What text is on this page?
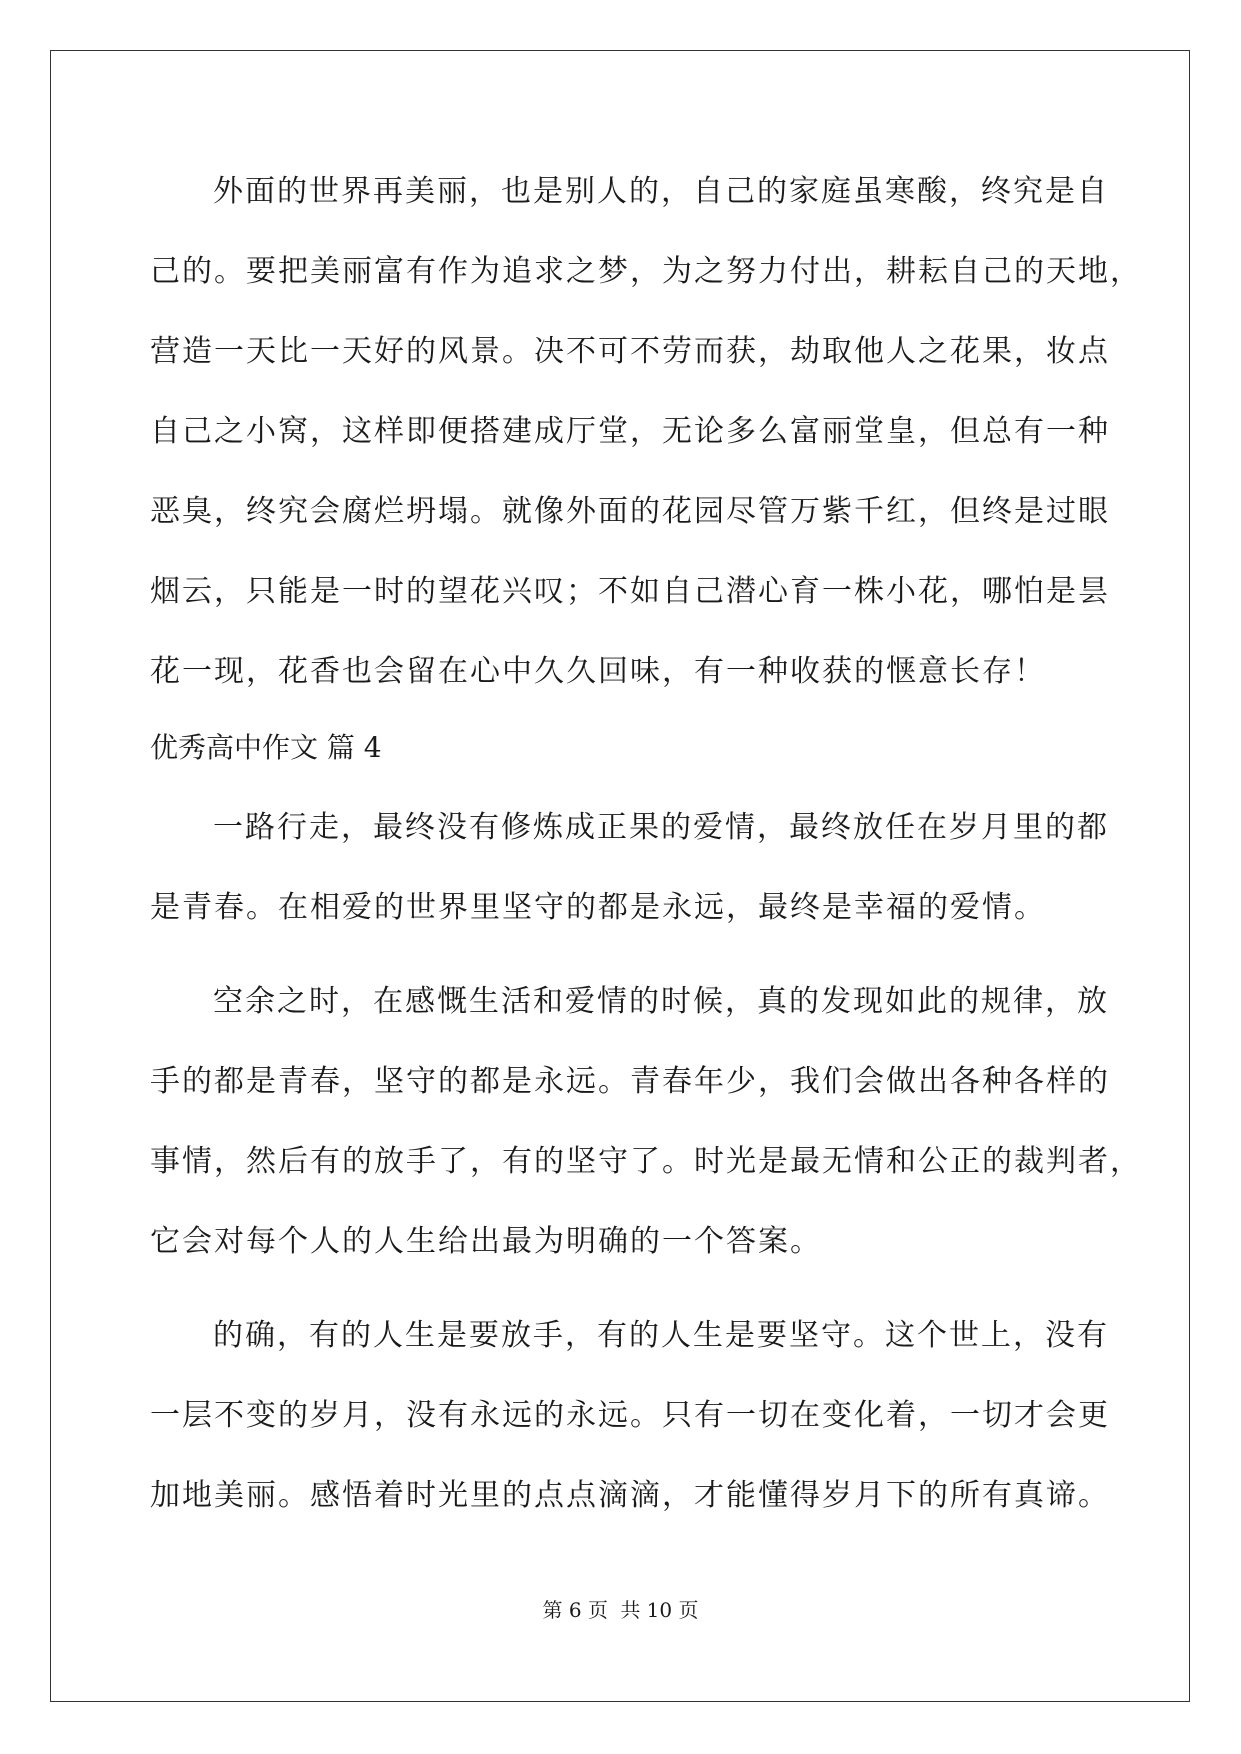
外面的世界再美丽，也是别人的，自己的家庭虽寒酸，终究是自
己的。要把美丽富有作为追求之梦，为之努力付出，耕耘自己的天地，
营造一天比一天好的风景。决不可不劳而获，劫取他人之花果，妆点
自己之小窝，这样即便搭建成厅堂，无论多么富丽堂皇，但总有一种
恶臭，终究会腐烂坍塌。就像外面的花园尽管万紫千红，但终是过眼
烟云，只能是一时的望花兴叹；不如自己潜心育一株小花，哪怕是昙
花一现，花香也会留在心中久久回味，有一种收获的惬意长存！
优秀高中作文 篇 4
一路行走，最终没有修炼成正果的爱情，最终放任在岁月里的都
是青春。在相爱的世界里坚守的都是永远，最终是幸福的爱情。
空余之时，在感慨生活和爱情的时候，真的发现如此的规律，放
手的都是青春，坚守的都是永远。青春年少，我们会做出各种各样的
事情，然后有的放手了，有的坚守了。时光是最无情和公正的裁判者，
它会对每个人的人生给出最为明确的一个答案。
的确，有的人生是要放手，有的人生是要坚守。这个世上，没有
一层不变的岁月，没有永远的永远。只有一切在变化着，一切才会更
加地美丽。感悟着时光里的点点滴滴，才能懂得岁月下的所有真谛。
第 6 页 共 10 页
